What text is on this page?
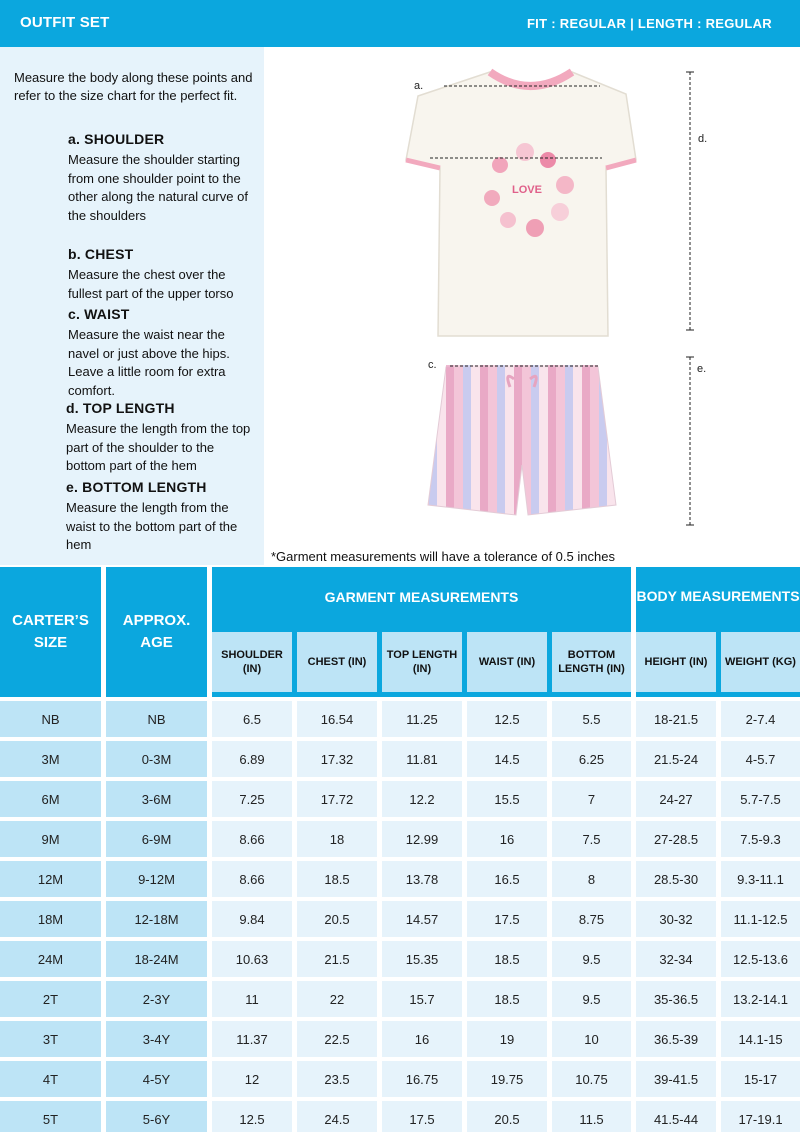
OUTFIT SET	FIT : REGULAR | LENGTH : REGULAR

Measure the body along these points and refer to the size chart for the perfect fit.

a. SHOULDER

Measure the shoulder starting from one shoulder point to the other along the natural curve of the shoulders

b. CHEST

Measure the chest over the fullest part of the upper torso

c. WAIST

Measure the waist near the navel or just above the hips. Leave a little room for extra comfort.

d. TOP LENGTH

Measure the length from the top part of the shoulder to the bottom part of the hem

e. BOTTOM LENGTH

Measure the length from the waist to the bottom part of the hem

a.
d.
LOVE
c.	e.
*Garment measurements will have a tolerance of 0.5 inches
CARTER’S SIZE
APPROX. AGE
GARMENT MEASUREMENTS	BODY MEASUREMENTS
SHOULDER (IN)
CHEST (IN)
TOP LENGTH (IN)
WAIST (IN)
BOTTOM LENGTH (IN)
HEIGHT (IN)	WEIGHT (KG)
NB	NB	6.5	16.54	11.25	12.5	5.5	18-21.5	2-7.4
3M	0-3M	6.89	17.32	11.81	14.5	6.25	21.5-24	4-5.7
6M	3-6M	7.25	17.72	12.2	15.5	7	24-27	5.7-7.5
9M	6-9M	8.66	18	12.99	16	7.5	27-28.5	7.5-9.3
12M	9-12M	8.66	18.5	13.78	16.5	8	28.5-30	9.3-11.1
18M	12-18M	9.84	20.5	14.57	17.5	8.75	30-32	11.1-12.5
24M	18-24M	10.63	21.5	15.35	18.5	9.5	32-34	12.5-13.6
2T	2-3Y	11	22	15.7	18.5	9.5	35-36.5	13.2-14.1
3T	3-4Y	11.37	22.5	16	19	10	36.5-39	14.1-15
4T	4-5Y	12	23.5	16.75	19.75	10.75	39-41.5	15-17
5T	5-6Y	12.5	24.5	17.5	20.5	11.5	41.5-44	17-19.1
